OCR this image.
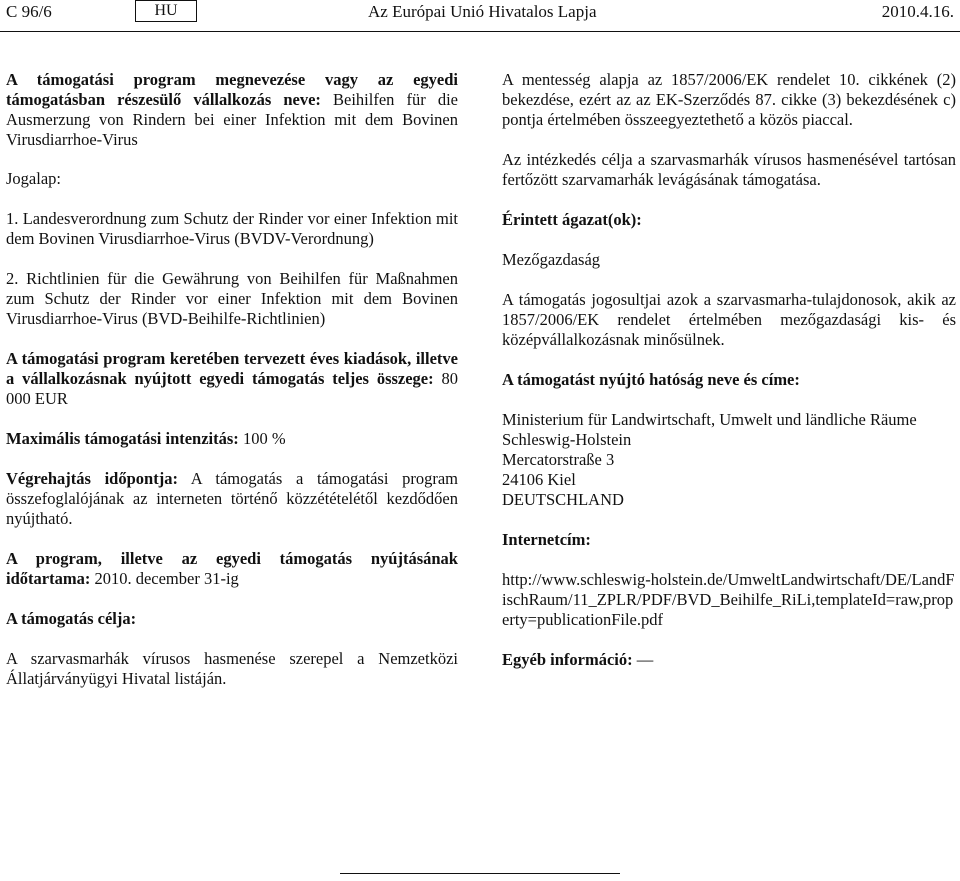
C 96/6	HU	Az Európai Unió Hivatalos Lapja	2010.4.16.

A támogatási program megnevezése vagy az egyedi támogatásban részesülő vállalkozás neve: Beihilfen für die Ausmerzung von Rindern bei einer Infektion mit dem Bovinen Virusdiarrhoe-Virus

Jogalap:

1. Landesverordnung zum Schutz der Rinder vor einer Infektion mit dem Bovinen Virusdiarrhoe-Virus (BVDV-Verordnung)

2. Richtlinien für die Gewährung von Beihilfen für Maßnahmen zum Schutz der Rinder vor einer Infektion mit dem Bovinen Virusdiarrhoe-Virus (BVD-Beihilfe-Richtlinien)

A támogatási program keretében tervezett éves kiadások, illetve a vállalkozásnak nyújtott egyedi támogatás teljes összege: 80 000 EUR

Maximális támogatási intenzitás: 100 %

Végrehajtás időpontja: A támogatás a támogatási program összefoglalójának az interneten történő közzétételétől kezdődően nyújtható.

A program, illetve az egyedi támogatás nyújtásának időtartama: 2010. december 31-ig

A támogatás célja:

A szarvasmarhák vírusos hasmenése szerepel a Nemzetközi Állatjárványügyi Hivatal listáján.

A mentesség alapja az 1857/2006/EK rendelet 10. cikkének (2) bekezdése, ezért az az EK-Szerződés 87. cikke (3) bekezdésének c) pontja értelmében összeegyeztethető a közös piaccal.

Az intézkedés célja a szarvasmarhák vírusos hasmenésével tartósan fertőzött szarvamarhák levágásának támogatása.

Érintett ágazat(ok):

Mezőgazdaság

A támogatás jogosultjai azok a szarvasmarha-tulajdonosok, akik az 1857/2006/EK rendelet értelmében mezőgazdasági kis- és középvállalkozásnak minősülnek.

A támogatást nyújtó hatóság neve és címe:

Ministerium für Landwirtschaft, Umwelt und ländliche Räume Schleswig-Holstein

Mercatorstraße 3

24106 Kiel

DEUTSCHLAND

Internetcím:

http://www.schleswig-holstein.de/UmweltLandwirtschaft/DE/LandFischRaum/11_ZPLR/PDF/BVD_Beihilfe_RiLi,templateId=raw,property=publicationFile.pdf

Egyéb információ: —
